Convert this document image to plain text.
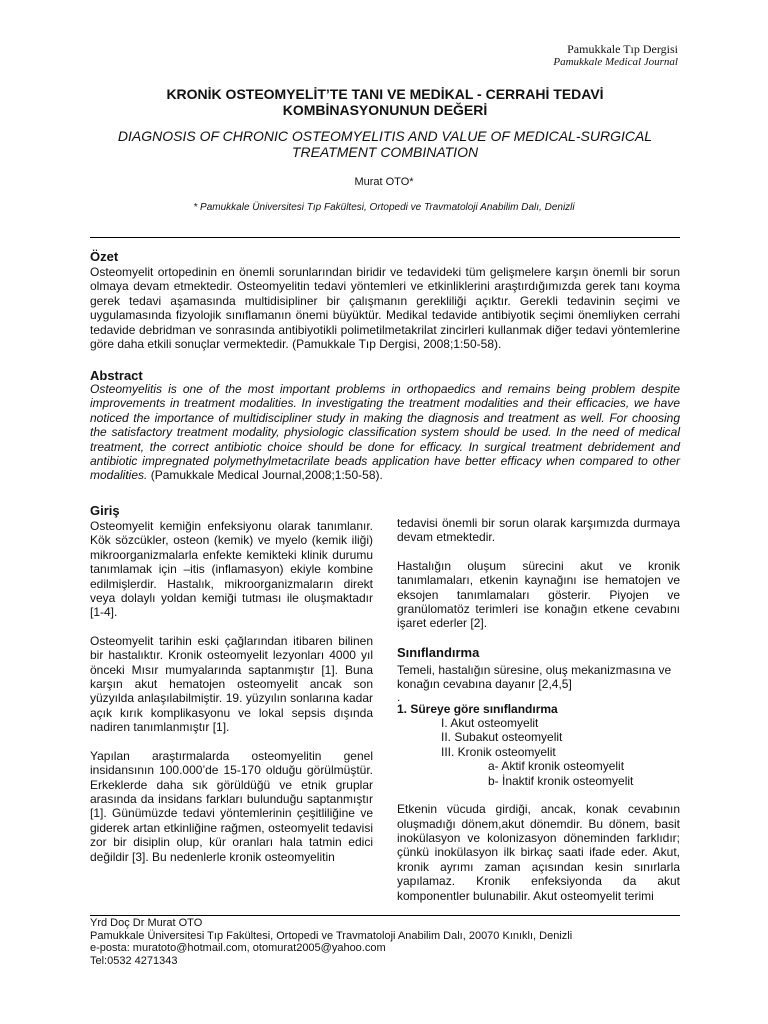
Pamukkale Tıp Dergisi
Pamukkale Medical Journal
KRONİK OSTEOMYELİT’TE TANI VE MEDİKAL - CERRAHİ TEDAVİ KOMBİNASYONUNUN DEĞERİ
DIAGNOSIS OF CHRONIC OSTEOMYELITIS AND VALUE OF MEDICAL-SURGICAL TREATMENT COMBINATION
Murat OTO*
* Pamukkale Üniversitesi Tıp Fakültesi, Ortopedi ve Travmatoloji Anabilim Dalı, Denizli
Özet
Osteomyelit ortopedinin en önemli sorunlarından biridir ve tedavideki tüm gelişmelere karşın önemli bir sorun olmaya devam etmektedir. Osteomyelitin tedavi yöntemleri ve etkinliklerini araştırdığımızda gerek tanı koyma gerek tedavi aşamasında multidisipliner bir çalışmanın gerekliliği açıktır. Gerekli tedavinin seçimi ve uygulamasında fizyolojik sınıflamanın önemi büyüktür. Medikal tedavide antibiyotik seçimi önemliyken cerrahi tedavide debridman ve sonrasında antibiyotikli polimetilmetakrilat zincirleri kullanmak diğer tedavi yöntemlerine göre daha etkili sonuçlar vermektedir. (Pamukkale Tıp Dergisi, 2008;1:50-58).
Abstract
Osteomyelitis is one of the most important problems in orthopaedics and remains being problem despite improvements in treatment modalities. In investigating the treatment modalities and their efficacies, we have noticed the importance of multidiscipliner study in making the diagnosis and treatment as well. For choosing the satisfactory treatment modality, physiologic classification system should be used. In the need of medical treatment, the correct antibiotic choice should be done for efficacy. In surgical treatment debridement and antibiotic impregnated polymethylmetacrilate beads application have better efficacy when compared to other modalities. (Pamukkale Medical Journal,2008;1:50-58).
Giriş
Osteomyelit kemiğin enfeksiyonu olarak tanımlanır. Kök sözcükler, osteon (kemik) ve myelo (kemik iliği) mikroorganizmalarla enfekte kemikteki klinik durumu tanımlamak için –itis (inflamasyon) ekiyle kombine edilmişlerdir. Hastalık, mikroorganizmaların direkt veya dolaylı yoldan kemiği tutması ile oluşmaktadır [1-4].
Osteomyelit tarihin eski çağlarından itibaren bilinen bir hastalıktır. Kronik osteomyelit lezyonları 4000 yıl önceki Mısır mumyalarında saptanmıştır [1]. Buna karşın akut hematojen osteomyelit ancak son yüzyılda anlaşılabilmiştir. 19. yüzyılın sonlarına kadar açık kırık komplikasyonu ve lokal sepsis dışında nadiren tanımlanmıştır [1].
Yapılan araştırmalarda osteomyelitin genel insidansının 100.000’de 15-170 olduğu görülmüştür. Erkeklerde daha sık görüldüğü ve etnik gruplar arasında da insidans farkları bulunduğu saptanmıştır [1]. Günümüzde tedavi yöntemlerinin çeşitliliğine ve giderek artan etkinliğine rağmen, osteomyelit tedavisi zor bir disiplin olup, kür oranları hala tatmin edici değildir [3]. Bu nedenlerle kronik osteomyelitin
tedavisi önemli bir sorun olarak karşımızda durmaya devam etmektedir.
Hastalığın oluşum sürecini akut ve kronik tanımlamaları, etkenin kaynağını ise hematojen ve eksojen tanımlamaları gösterir. Piyojen ve granülomatöz terimleri ise konağın etkene cevabını işaret ederler [2].
Sınıflandırma
Temeli, hastalığın süresine, oluş mekanizmasına ve konağın cevabına dayanır [2,4,5]
.
1. Süreye göre sınıflandırma
I. Akut osteomyelit
II. Subakut osteomyelit
III. Kronik osteomyelit
a- Aktif kronik osteomyelit
b- İnaktif kronik osteomyelit
Etkenin vücuda girdiği, ancak, konak cevabının oluşmadığı dönem,akut dönemdir. Bu dönem, basit inokülasyon ve kolonizasyon döneminden farklıdır; çünkü inokülasyon ilk birkaç saati ifade eder. Akut, kronik ayrımı zaman açısından kesin sınırlarla yapılamaz. Kronik enfeksiyonda da akut komponentler bulunabilir. Akut osteomyelit terimi
Yrd Doç Dr Murat OTO
Pamukkale Üniversitesi Tıp Fakültesi, Ortopedi ve Travmatoloji Anabilim Dalı, 20070 Kınıklı, Denizli
e-posta: muratoto@hotmail.com, otomurat2005@yahoo.com
Tel:0532 4271343
